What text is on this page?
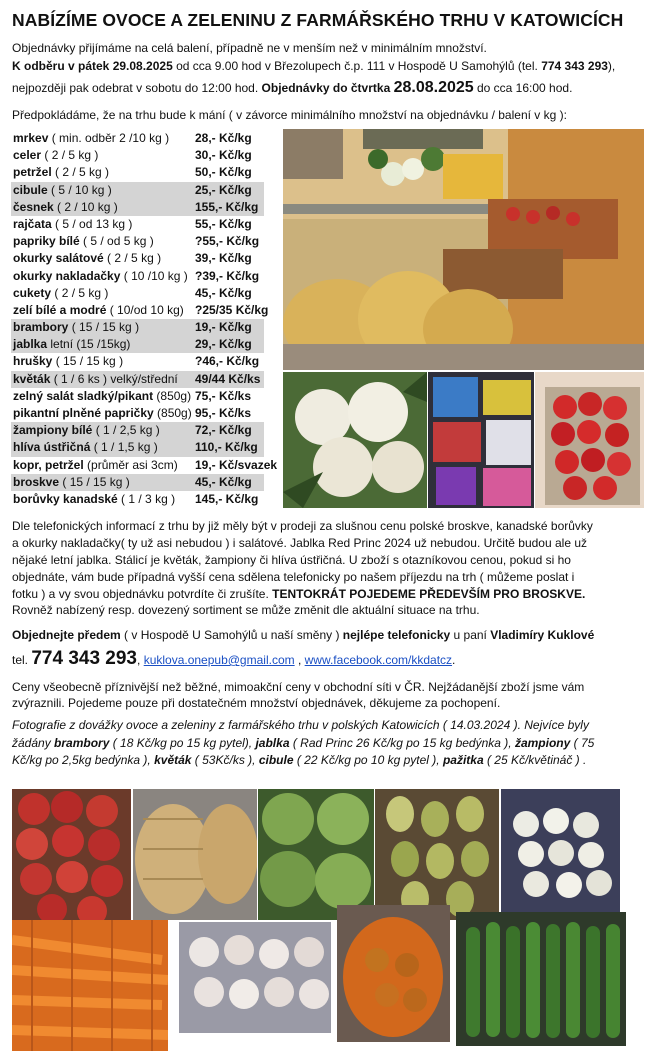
NABÍZÍME OVOCE A ZELENINU Z FARMÁŘSKÉHO TRHU V KATOWICÍCH
Objednávky přijímáme na celá balení, případně ne v menším než v minimálním množství.
K odběru v pátek 29.08.2025 od cca 9.00 hod v Březolupech č.p. 111 v Hospodě U Samohýlů (tel. 774 343 293),
nejpozději pak odebrat v sobotu do 12:00 hod. Objednávky do čtvrtka 28.08.2025 do cca 16:00 hod.
Předpokládáme, že na trhu bude k mání ( v závorce minimálního množství na objednávku / balení v kg ):
mrkev ( min. odběr 2 /10 kg ) 28,- Kč/kg
celer ( 2 / 5 kg )	30,- Kč/kg
petržel ( 2 / 5 kg )	50,- Kč/kg
cibule ( 5 / 10 kg )	25,- Kč/kg
česnek ( 2 / 10 kg )	155,- Kč/kg
rajčata ( 5 / od 13 kg )	55,- Kč/kg
papriky bílé ( 5 / od 5 kg )	?55,- Kč/kg
okurky salátové ( 2 / 5 kg )	39,- Kč/kg
okurky nakladačky ( 10 /10 kg ) ?39,- Kč/kg
cukety ( 2 / 5 kg )	45,- Kč/kg
zelí bílé a modré ( 10/od 10 kg) ?25/35 Kč/kg
brambory ( 15 / 15 kg )	19,- Kč/kg
jablka letní (15 /15kg)	29,- Kč/kg
hrušky ( 15 / 15 kg )	?46,- Kč/kg
květák ( 1 / 6 ks ) velký/střední 49/44 Kč/ks
zelný salát sladký/pikant (850g) 75,- Kč/ks
pikantní plněné papričky (850g) 95,- Kč/ks
žampiony bílé ( 1 / 2,5 kg )	72,- Kč/kg
hlíva ústřičná ( 1 / 1,5 kg )	110,- Kč/kg
kopr, petržel (průměr asi 3cm) 19,- Kč/svazek
broskve ( 15 / 15 kg )	45,- Kč/kg
borůvky kanadské ( 1 / 3 kg ) 145,- Kč/kg
Dle telefonických informací z trhu by již měly být v prodeji za slušnou cenu polské broskve, kanadské borůvky
a okurky nakladačky( ty už asi nebudou ) i salátové. Jablka Red Princ 2024 už nebudou. Určitě budou ale už
nějaké letní jablka. Stálicí je květák, žampiony či hlíva ústřičná. U zboží s otazníkovou cenou, pokud si ho
objednáte, vám bude případná vyšší cena sdělena telefonicky po našem příjezdu na trh ( můžeme poslat i
fotku ) a vy svou objednávku potvrdíte či zrušíte. TENTOKRÁT POJEDEME PŘEDEVŠÍM PRO BROSKVE.
Rovněž nabízený resp. dovezený sortiment se může změnit dle aktuální situace na trhu.
Objednejte předem ( v Hospodě U Samohýlů u naší směny ) nejlépe telefonicky u paní Vladimíry Kuklové
tel. 774 343 293, kuklova.onepub@gmail.com , www.facebook.com/kkdatcz.
Ceny všeobecně příznivější než běžné, mimoakční ceny v obchodní síti v ČR. Nejžádanější zboží jsme vám
zvýraznili. Pojedeme pouze při dostatečném množství objednávek, děkujeme za pochopení.
Fotografie z dovážky ovoce a zeleniny z farmářského trhu v polských Katowicích ( 14.03.2024 ). Nejvíce byly
žádány brambory ( 18 Kč/kg po 15 kg pytel), jablka ( Rad Princ 26 Kč/kg po 15 kg bedýnka ), žampiony ( 75
Kč/kg po 2,5kg bedýnka ), květák ( 53Kč/ks ), cibule ( 22 Kč/kg po 10 kg pytel ), pažitka ( 25 Kč/květináč ) .
